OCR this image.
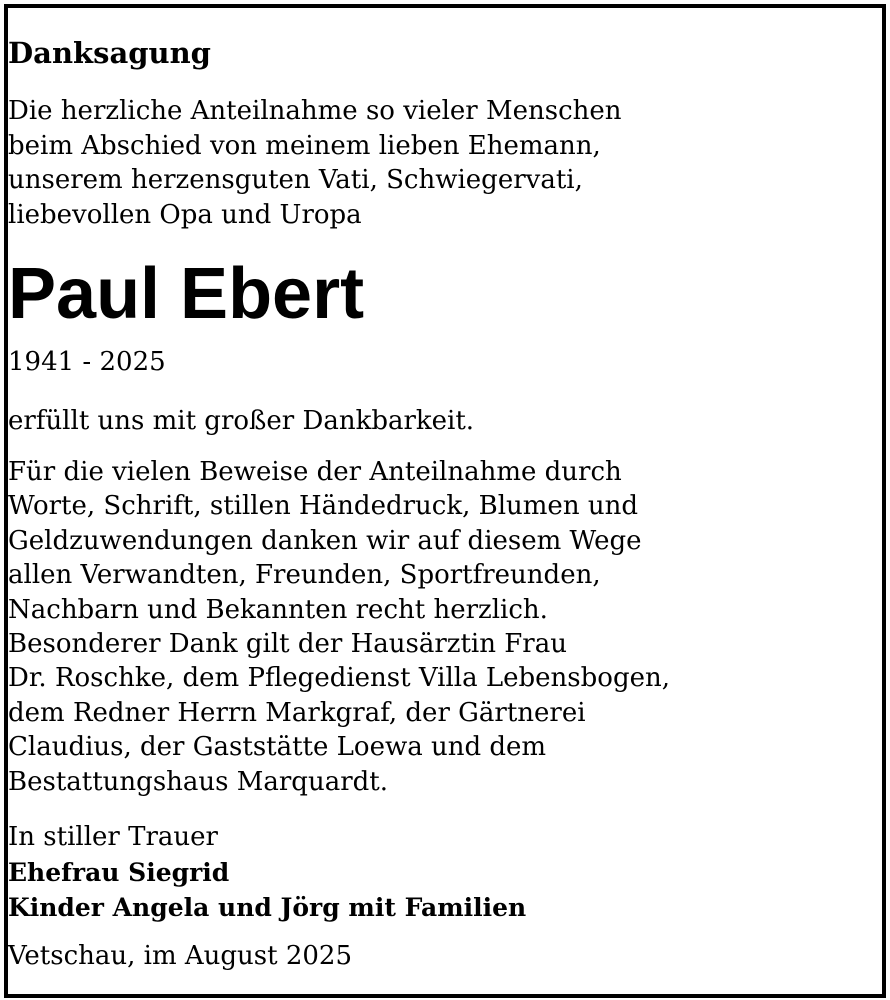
Danksagung
Die herzliche Anteilnahme so vieler Menschen
beim Abschied von meinem lieben Ehemann,
unserem herzensguten Vati, Schwiegervati,
liebevollen Opa und Uropa
Paul Ebert
1941 - 2025
erfüllt uns mit großer Dankbarkeit.
Für die vielen Beweise der Anteilnahme durch
Worte, Schrift, stillen Händedruck, Blumen und
Geldzuwendungen danken wir auf diesem Wege
allen Verwandten, Freunden, Sportfreunden,
Nachbarn und Bekannten recht herzlich.
Besonderer Dank gilt der Hausärztin Frau
Dr. Roschke, dem Pflegedienst Villa Lebensbogen,
dem Redner Herrn Markgraf, der Gärtnerei
Claudius, der Gaststätte Loewa und dem
Bestattungshaus Marquardt.
In stiller Trauer
Ehefrau Siegrid
Kinder Angela und Jörg mit Familien
Vetschau, im August 2025
